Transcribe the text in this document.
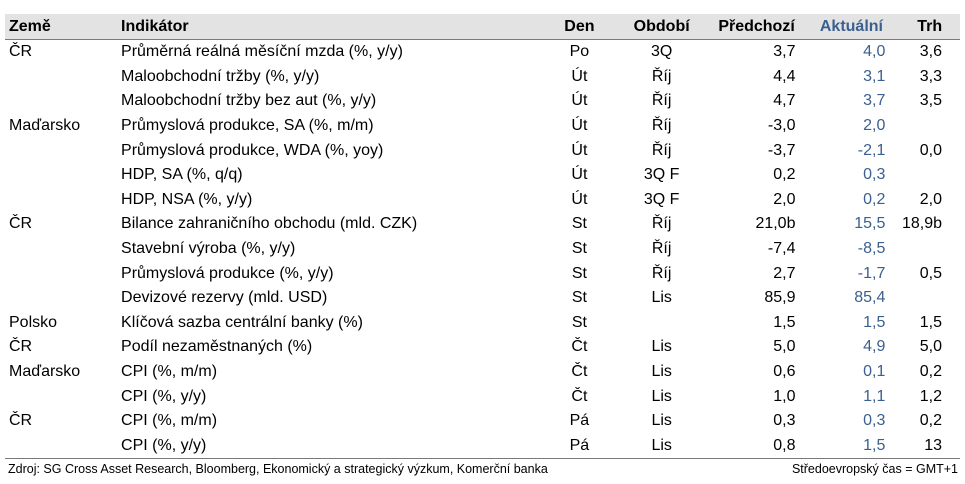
Země	Indikátor	Den	Období	Předchozí	Aktuální	Trh
ČR	Průměrná reálná měsíční mzda (%, y/y)	Po	3Q	3,7	4,0	3,6
	Maloobchodní tržby (%, y/y)	Út	Říj	4,4	3,1	3,3
	Maloobchodní tržby bez aut (%, y/y)	Út	Říj	4,7	3,7	3,5
Maďarsko	Průmyslová produkce, SA (%, m/m)	Út	Říj	-3,0	2,0	
	Průmyslová produkce, WDA (%, yoy)	Út	Říj	-3,7	-2,1	0,0
	HDP, SA (%, q/q)	Út	3Q F	0,2	0,3	
	HDP, NSA (%, y/y)	Út	3Q F	2,0	0,2	2,0
ČR	Bilance zahraničního obchodu (mld. CZK)	St	Říj	21,0b	15,5	18,9b
	Stavební výroba (%, y/y)	St	Říj	-7,4	-8,5	
	Průmyslová produkce (%, y/y)	St	Říj	2,7	-1,7	0,5
	Devizové rezervy (mld. USD)	St	Lis	85,9	85,4	
Polsko	Klíčová sazba centrální banky (%)	St		1,5	1,5	1,5
ČR	Podíl nezaměstnaných (%)	Čt	Lis	5,0	4,9	5,0
Maďarsko	CPI (%, m/m)	Čt	Lis	0,6	0,1	0,2
	CPI (%, y/y)	Čt	Lis	1,0	1,1	1,2
ČR	CPI (%, m/m)	Pá	Lis	0,3	0,3	0,2
	CPI (%, y/y)	Pá	Lis	0,8	1,5	13
Zdroj: SG Cross Asset Research, Bloomberg, Ekonomický a strategický výzkum, Komerční banka	Středoevropský čas = GMT+1
